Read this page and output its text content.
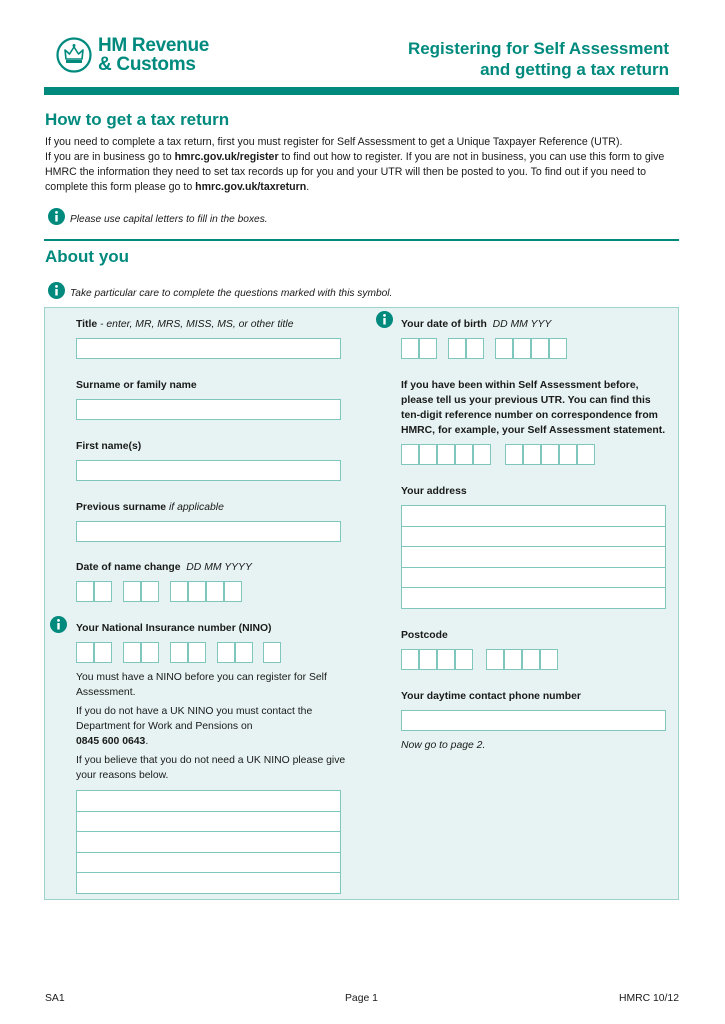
HM Revenue
& Customs
Registering for Self Assessment
and getting a tax return
How to get a tax return
If you need to complete a tax return, first you must register for Self Assessment to get a Unique Taxpayer Reference (UTR).
If you are in business go to hmrc.gov.uk/register to find out how to register. If you are not in business, you can use this form to give HMRC the information they need to set tax records up for you and your UTR will then be posted to you. To find out if you need to complete this form please go to hmrc.gov.uk/taxreturn.
Please use capital letters to fill in the boxes.
About you
Take particular care to complete the questions marked with this symbol.
Title - enter, MR, MRS, MISS, MS, or other title
Surname or family name
First name(s)
Previous surname if applicable
Date of name change DD MM YYYY
Your National Insurance number (NINO)
You must have a NINO before you can register for Self Assessment.
If you do not have a UK NINO you must contact the Department for Work and Pensions on
0845 600 0643.
If you believe that you do not need a UK NINO please give your reasons below.
Your date of birth DD MM YYY
If you have been within Self Assessment before,
please tell us your previous UTR. You can find this
ten-digit reference number on correspondence from
HMRC, for example, your Self Assessment statement.
Your address
Postcode
Your daytime contact phone number
Now go to page 2.
SA1	Page 1	HMRC 10/12
